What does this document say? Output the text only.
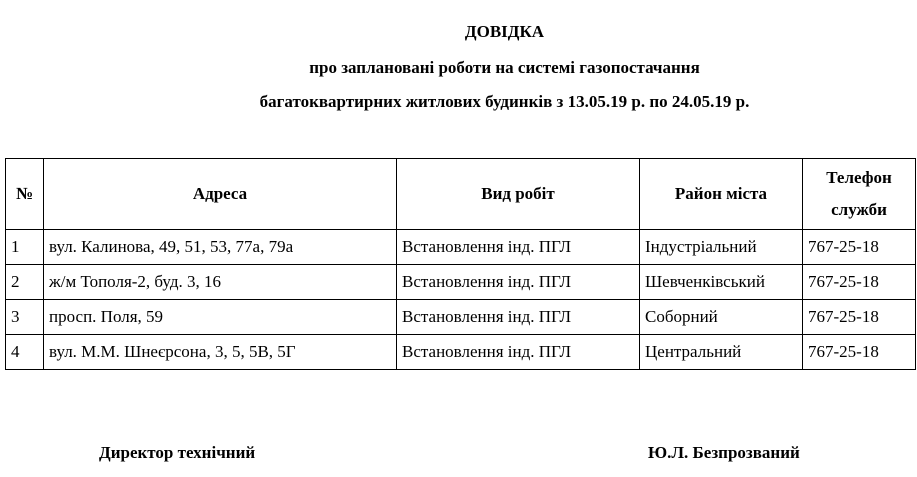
ДОВІДКА
про заплановані роботи на системі газопостачання
багатоквартирних житлових будинків з 13.05.19 р. по 24.05.19 р.
№	Адреса	Вид робіт	Район міста	Телефон
служби

1	вул. Калинова, 49, 51, 53, 77а, 79а	Встановлення інд. ПГЛ	Індустріальний	767-25-18
2	ж/м Тополя-2, буд. 3, 16	Встановлення інд. ПГЛ	Шевченківський	767-25-18
3	просп. Поля, 59	Встановлення інд. ПГЛ	Соборний	767-25-18
4	вул. М.М. Шнеєрсона, 3, 5, 5В, 5Г	Встановлення інд. ПГЛ	Центральний	767-25-18
Директор технічний	Ю.Л. Безпрозваний
